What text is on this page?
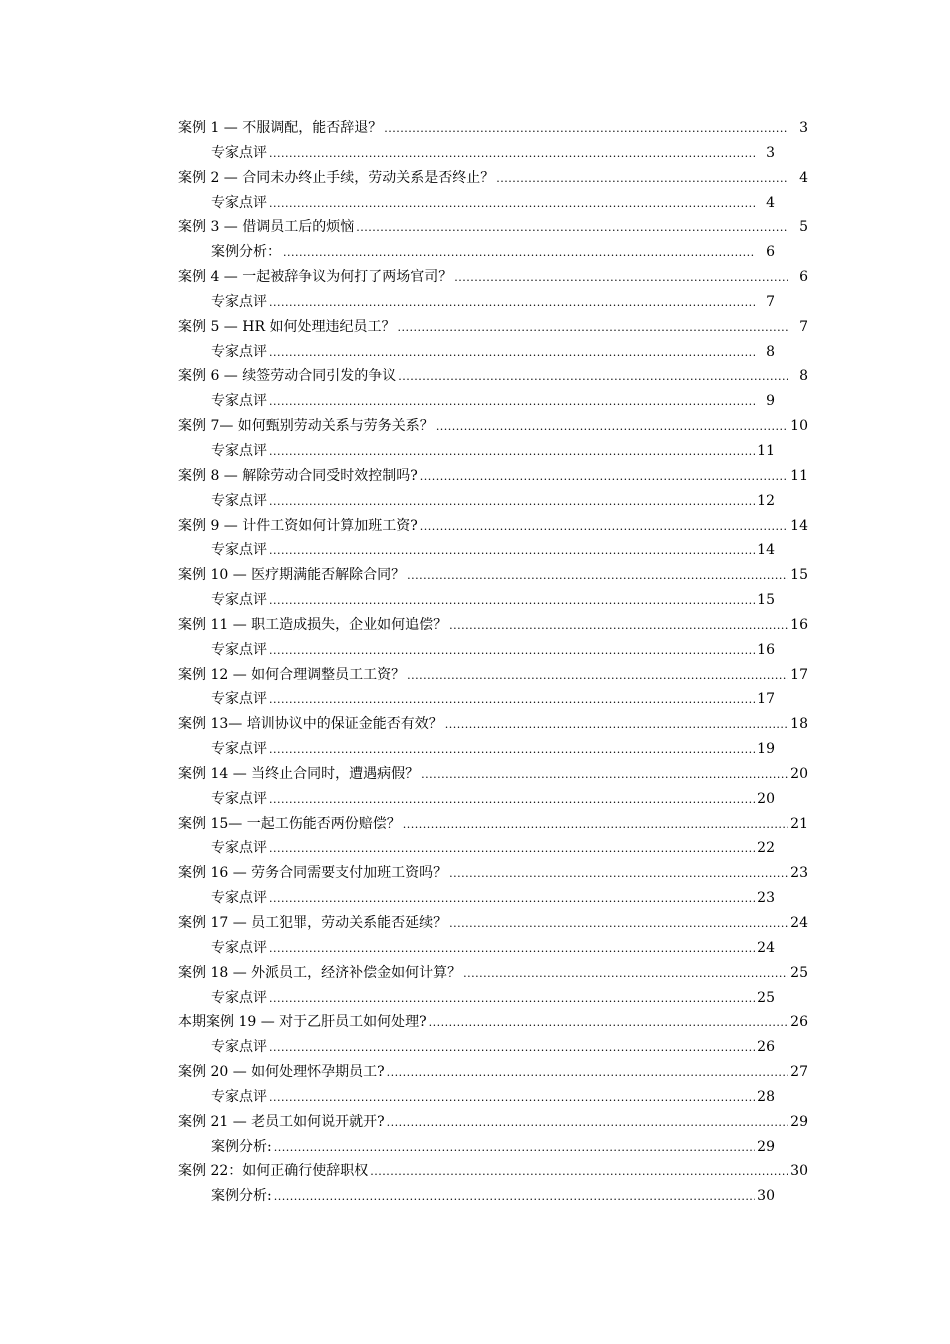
案例 1 — 不服调配，能否辞退？ .....	3
专家点评 .....	3
案例 2 — 合同未办终止手续，劳动关系是否终止？ .....	4
专家点评 .....	4
案例 3 — 借调员工后的烦恼 .....	5
案例分析： .....	6
案例 4 — 一起被辞争议为何打了两场官司？ .....	6
专家点评 .....	7
案例 5 — HR 如何处理违纪员工？ .....	7
专家点评 .....	8
案例 6 — 续签劳动合同引发的争议 .....	8
专家点评 .....	9
案例 7— 如何甄别劳动关系与劳务关系？ .....	10
专家点评 .....	11
案例 8 — 解除劳动合同受时效控制吗? .....	11
专家点评 .....	12
案例 9 — 计件工资如何计算加班工资? .....	14
专家点评 .....	14
案例 10 — 医疗期满能否解除合同？ .....	15
专家点评 .....	15
案例 11 — 职工造成损失，企业如何追偿？ .....	16
专家点评 .....	16
案例 12 — 如何合理调整员工工资？ .....	17
专家点评 .....	17
案例 13— 培训协议中的保证金能否有效？ .....	18
专家点评 .....	19
案例 14 — 当终止合同时，遭遇病假？ .....	20
专家点评 .....	20
案例 15— 一起工伤能否两份赔偿？ .....	21
专家点评 .....	22
案例 16 — 劳务合同需要支付加班工资吗？ .....	23
专家点评 .....	23
案例 17 — 员工犯罪，劳动关系能否延续？ .....	24
专家点评 .....	24
案例 18 — 外派员工，经济补偿金如何计算？ .....	25
专家点评 .....	25
本期案例 19 — 对于乙肝员工如何处理? .....	26
专家点评 .....	26
案例 20 — 如何处理怀孕期员工? .....	27
专家点评 .....	28
案例 21 — 老员工如何说开就开? .....	29
案例分析: .....	29
案例 22：如何正确行使辞职权 .....	30
案例分析: .....	30
